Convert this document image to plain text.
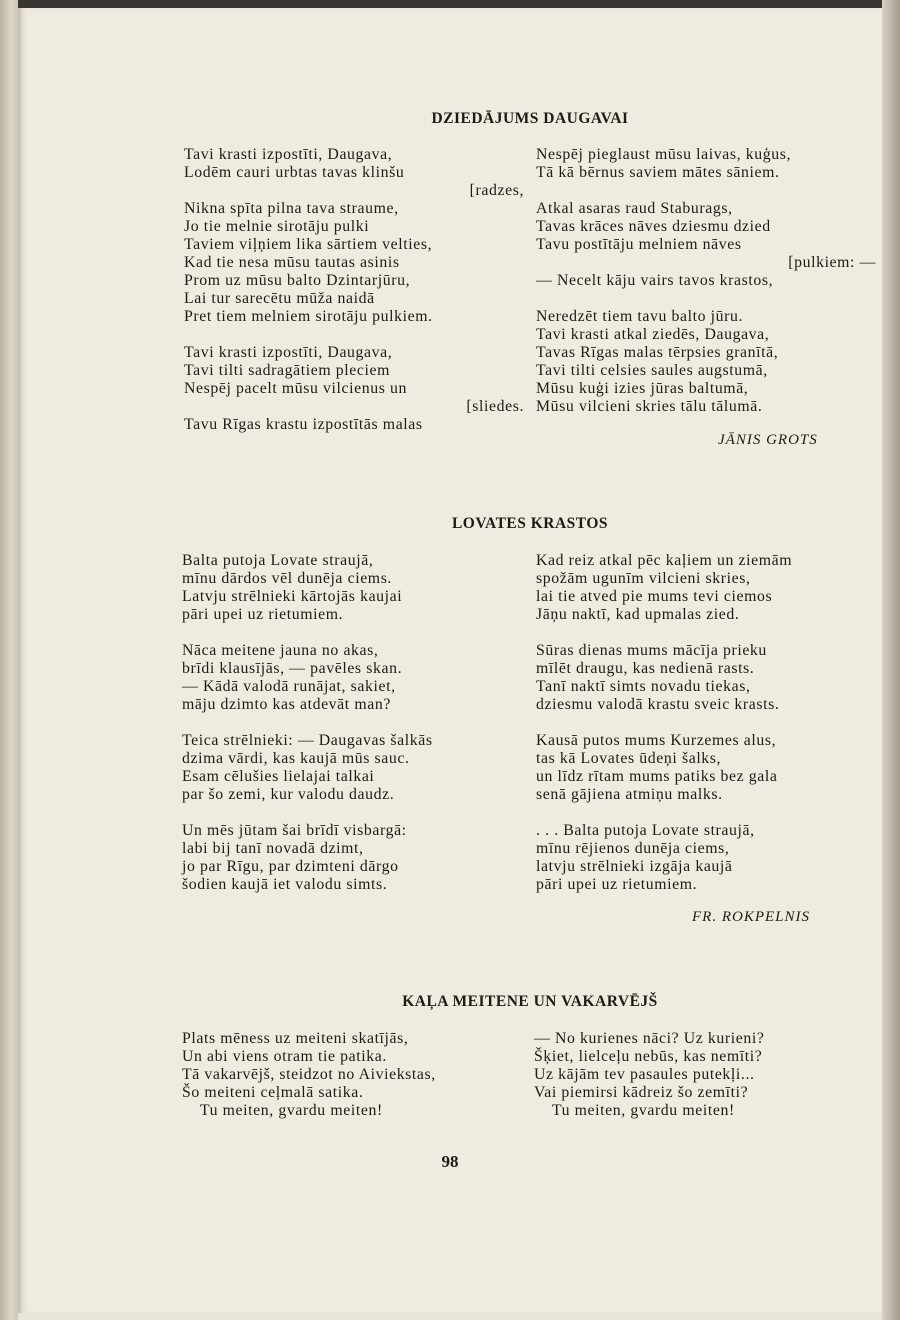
DZIEDĀJUMS DAUGAVAI
Tavi krasti izpostīti, Daugava,
Lodēm cauri urbtas tavas klinšu
[radzes,
Nikna spīta pilna tava straume,
Jo tie melnie sirotāju pulki
Taviem viļņiem lika sārtiem velties,
Kad tie nesa mūsu tautas asinis
Prom uz mūsu balto Dzintarjūru,
Lai tur sarecētu mūža naidā
Pret tiem melniem sirotāju pulkiem.
Tavi krasti izpostīti, Daugava,
Tavi tilti sadragātiem pleciem
Nespēj pacelt mūsu vilcienus un
[sliedes.
Tavu Rīgas krastu izpostītās malas
Nespēj pieglaust mūsu laivas, kuģus,
Tā kā bērnus saviem mātes sāniem.
Atkal asaras raud Staburags,
Tavas krāces nāves dziesmu dzied
Tavu postītāju melniem nāves
[pulkiem: —
— Necelt kāju vairs tavos krastos,
Neredzēt tiem tavu balto jūru.
Tavi krasti atkal ziedēs, Daugava,
Tavas Rīgas malas tērpsies granītā,
Tavi tilti celsies saules augstumā,
Mūsu kuģi izies jūras baltumā,
Mūsu vilcieni skries tālu tālumā.
JĀNIS GROTS
LOVATES KRASTOS
Balta putoja Lovate straujā,
mīnu dārdos vēl dunēja ciems.
Latvju strēlnieki kārtojās kaujai
pāri upei uz rietumiem.
Nāca meitene jauna no akas,
brīdi klausījās, — pavēles skan.
— Kādā valodā runājat, sakiet,
māju dzimto kas atdevāt man?
Teica strēlnieki: — Daugavas šalkās
dzima vārdi, kas kaujā mūs sauc.
Esam cēlušies lielajai talkai
par šo zemi, kur valodu daudz.
Un mēs jūtam šai brīdī visbargā:
labi bij tanī novadā dzimt,
jo par Rīgu, par dzimteni dārgo
šodien kaujā iet valodu simts.
Kad reiz atkal pēc kaļiem un ziemām
spožām ugunīm vilcieni skries,
lai tie atved pie mums tevi ciemos
Jāņu naktī, kad upmalas zied.
Sūras dienas mums mācīja prieku
mīlēt draugu, kas nedienā rasts.
Tanī naktī simts novadu tiekas,
dziesmu valodā krastu sveic krasts.
Kausā putos mums Kurzemes alus,
tas kā Lovates ūdeņi šalks,
un līdz rītam mums patiks bez gala
senā gājiena atmiņu malks.
. . . Balta putoja Lovate straujā,
mīnu rējienos dunēja ciems,
latvju strēlnieki izgāja kaujā
pāri upei uz rietumiem.
FR. ROKPELNIS
KAĻA MEITENE UN VAKARVĒJŠ
Plats mēness uz meiteni skatījās,
Un abi viens otram tie patika.
Tā vakarvējš, steidzot no Aiviekstas,
Šo meiteni ceļmalā satika.
Tu meiten, gvardu meiten!
— No kurienes nāci? Uz kurieni?
Šķiet, lielceļu nebūs, kas nemīti?
Uz kājām tev pasaules putekļi...
Vai piemirsi kādreiz šo zemīti?
Tu meiten, gvardu meiten!
98
